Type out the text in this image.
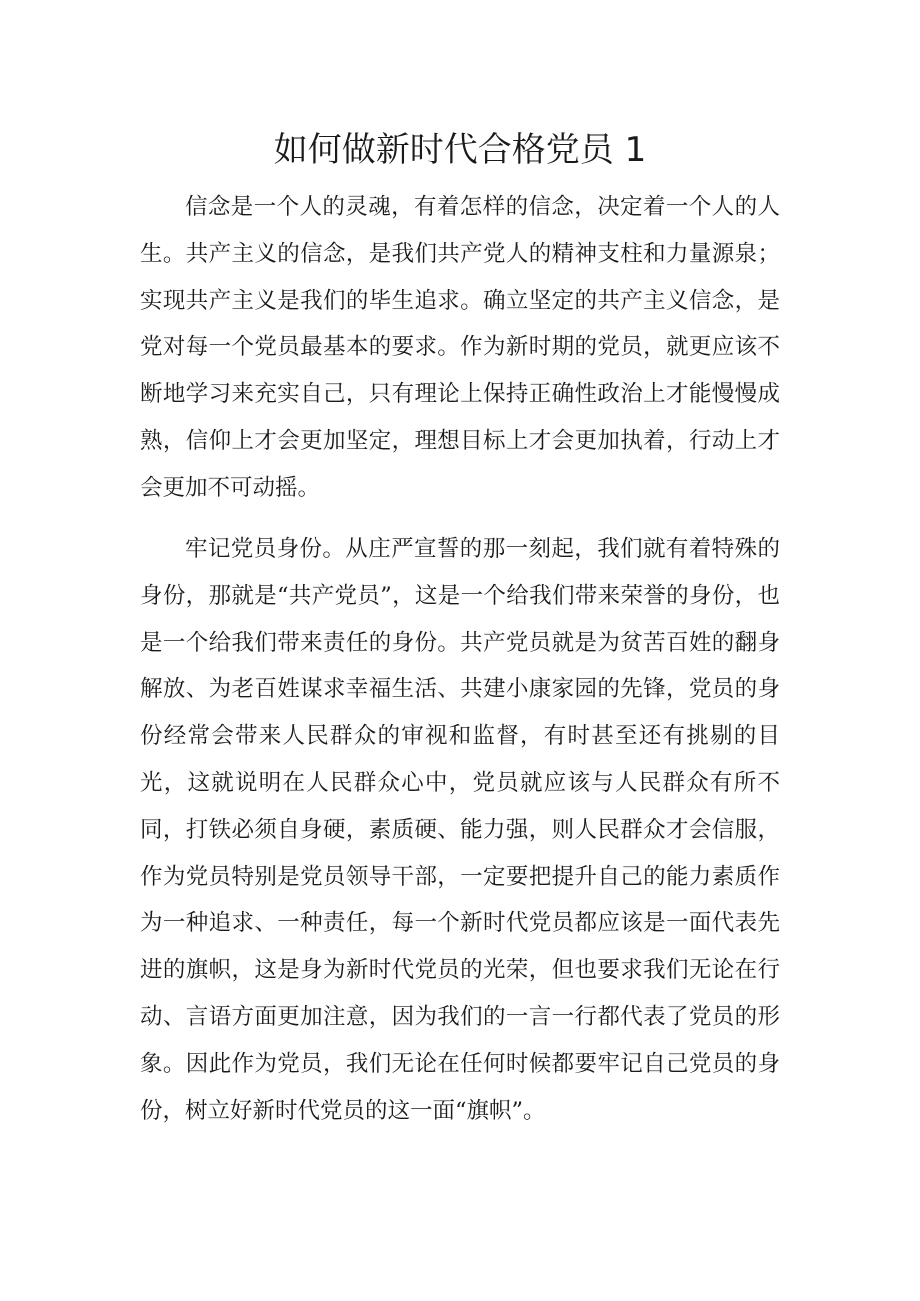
如何做新时代合格党员 1

信念是一个人的灵魂，有着怎样的信念，决定着一个人的人生。共产主义的信念，是我们共产党人的精神支柱和力量源泉；实现共产主义是我们的毕生追求。确立坚定的共产主义信念，是党对每一个党员最基本的要求。作为新时期的党员，就更应该不断地学习来充实自己，只有理论上保持正确性政治上才能慢慢成熟，信仰上才会更加坚定，理想目标上才会更加执着，行动上才会更加不可动摇。

牢记党员身份。从庄严宣誓的那一刻起，我们就有着特殊的身份，那就是“共产党员”，这是一个给我们带来荣誉的身份，也是一个给我们带来责任的身份。共产党员就是为贫苦百姓的翻身解放、为老百姓谋求幸福生活、共建小康家园的先锋，党员的身份经常会带来人民群众的审视和监督，有时甚至还有挑剔的目光，这就说明在人民群众心中，党员就应该与人民群众有所不同，打铁必须自身硬，素质硬、能力强，则人民群众才会信服，作为党员特别是党员领导干部，一定要把提升自己的能力素质作为一种追求、一种责任，每一个新时代党员都应该是一面代表先进的旗帜，这是身为新时代党员的光荣，但也要求我们无论在行动、言语方面更加注意，因为我们的一言一行都代表了党员的形象。因此作为党员，我们无论在任何时候都要牢记自己党员的身份，树立好新时代党员的这一面“旗帜”。
